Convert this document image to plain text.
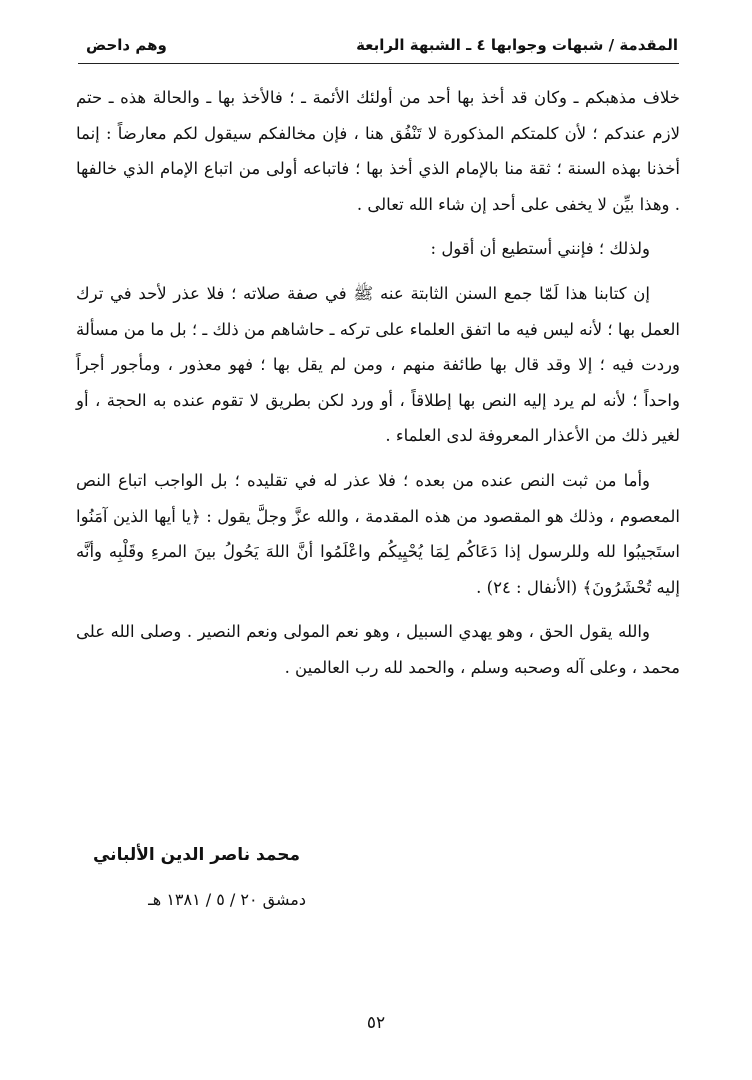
المقدمة / شبهات وجوابها ٤ ـ الشبهة الرابعة
وهم داحض

خلاف مذهبكم ـ وكان قد أخذ بها أحد من أولئك الأئمة ـ ؛ فالأخذ بها ـ والحالة هذه ـ حتم لازم عندكم ؛ لأن كلمتكم المذكورة لا تَنْفُق هنا ، فإن مخالفكم سيقول لكم معارضاً : إنما أخذنا بهذه السنة ؛ ثقة منا بالإمام الذي أخذ بها ؛ فاتباعه أولى من اتباع الإمام الذي خالفها . وهذا بيِّن لا يخفى على أحد إن شاء الله تعالى .

ولذلك ؛ فإنني أستطيع أن أقول :

إن كتابنا هذا لَمّا جمع السنن الثابتة عنه ﷺ في صفة صلاته ؛ فلا عذر لأحد في ترك العمل بها ؛ لأنه ليس فيه ما اتفق العلماء على تركه ـ حاشاهم من ذلك ـ ؛ بل ما من مسألة وردت فيه ؛ إلا وقد قال بها طائفة منهم ، ومن لم يقل بها ؛ فهو معذور ، ومأجور أجراً واحداً ؛ لأنه لم يرد إليه النص بها إطلاقاً ، أو ورد لكن بطريق لا تقوم عنده به الحجة ، أو لغير ذلك من الأعذار المعروفة لدى العلماء .

وأما من ثبت النص عنده من بعده ؛ فلا عذر له في تقليده ؛ بل الواجب اتباع النص المعصوم ، وذلك هو المقصود من هذه المقدمة ، والله عزَّ وجلَّ يقول : ﴿يا أيها الذين آمَنُوا استَجيبُوا لله وللرسول إذا دَعَاكُم لِمَا يُحْيِيكُم واعْلَمُوا أنَّ اللهَ يَحُولُ بينَ المرءِ وقَلْبِه وأنَّه إليه تُحْشَرُونَ﴾ (الأنفال : ٢٤) .

والله يقول الحق ، وهو يهدي السبيل ، وهو نعم المولى ونعم النصير . وصلى الله على محمد ، وعلى آله وصحبه وسلم ، والحمد لله رب العالمين .

محمد ناصر الدين الألباني
دمشق ٢٠ / ٥ / ١٣٨١ هـ
٥٢
